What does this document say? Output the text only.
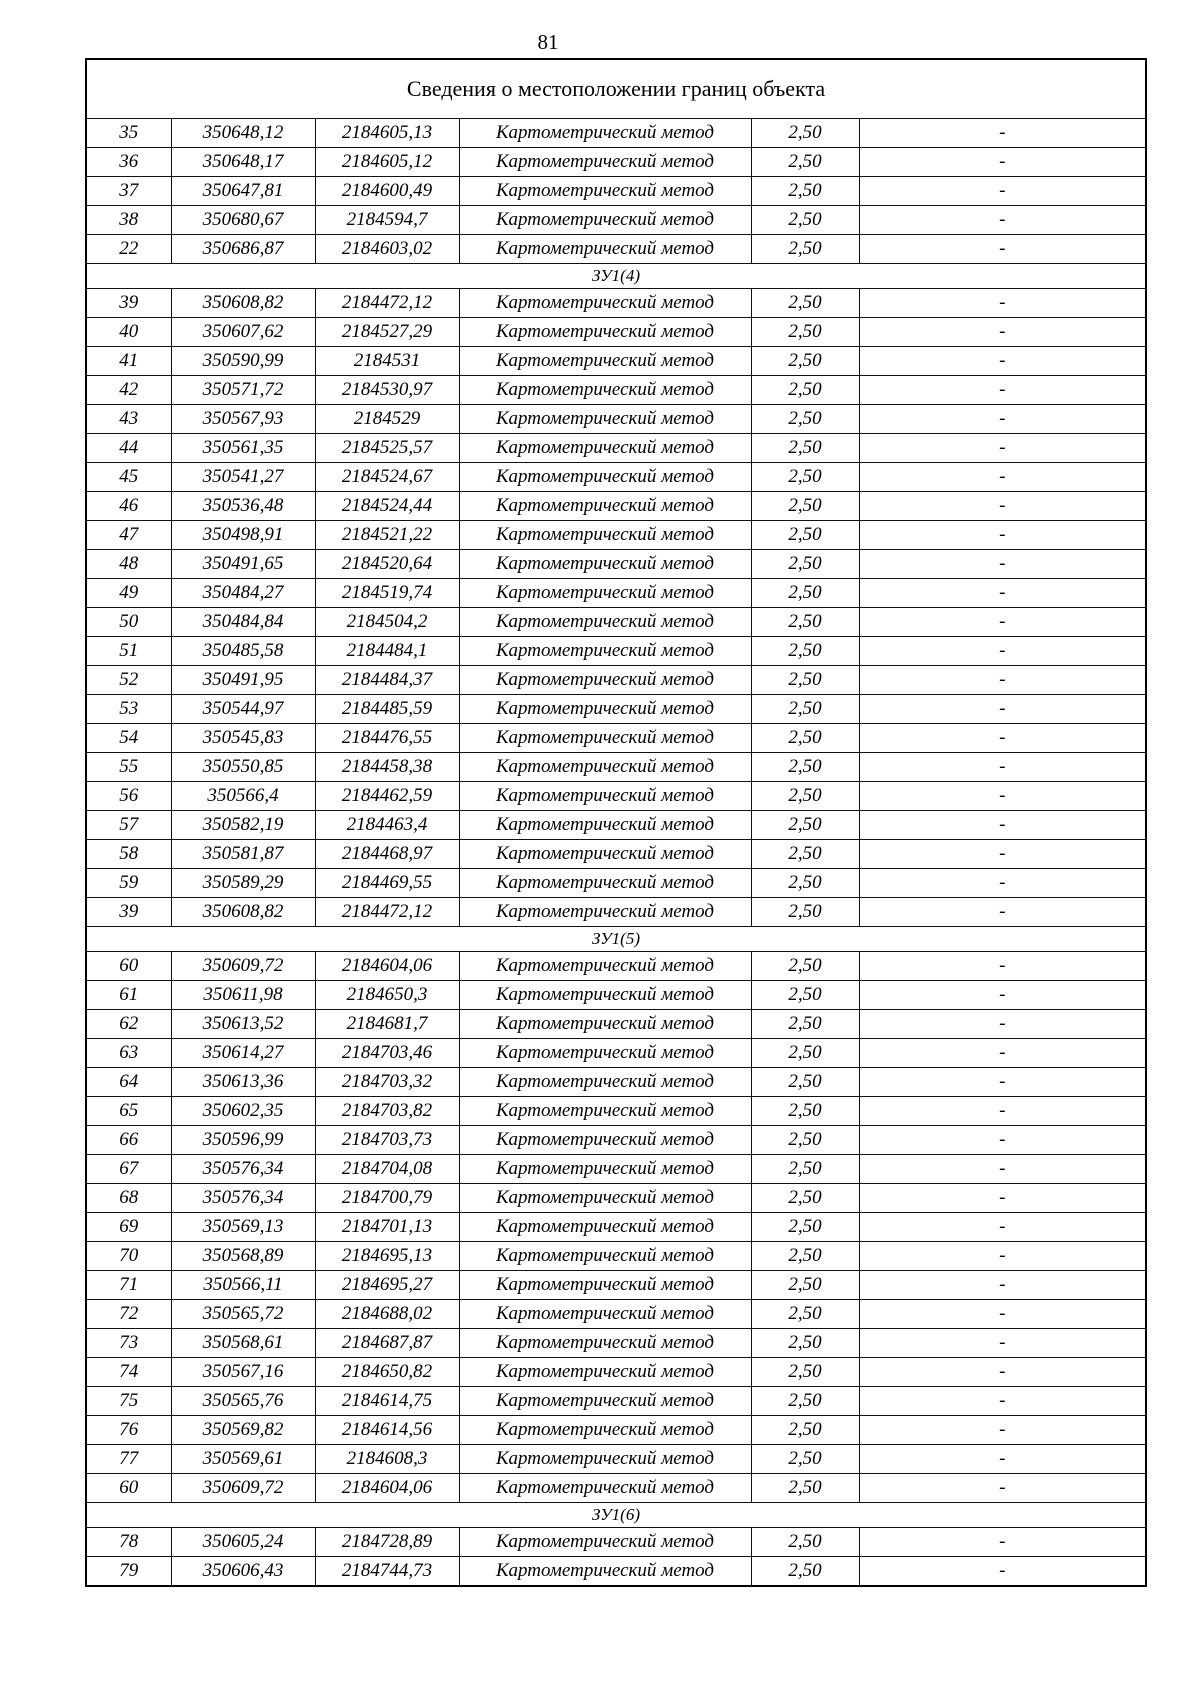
81
Сведения о местоположении границ объекта					
35	350648,12	2184605,13	Картометрический метод	2,50	-
36	350648,17	2184605,12	Картометрический метод	2,50	-
37	350647,81	2184600,49	Картометрический метод	2,50	-
38	350680,67	2184594,7	Картометрический метод	2,50	-
22	350686,87	2184603,02	Картометрический метод	2,50	-
ЗУ1(4)					
39	350608,82	2184472,12	Картометрический метод	2,50	-
40	350607,62	2184527,29	Картометрический метод	2,50	-
41	350590,99	2184531	Картометрический метод	2,50	-
42	350571,72	2184530,97	Картометрический метод	2,50	-
43	350567,93	2184529	Картометрический метод	2,50	-
44	350561,35	2184525,57	Картометрический метод	2,50	-
45	350541,27	2184524,67	Картометрический метод	2,50	-
46	350536,48	2184524,44	Картометрический метод	2,50	-
47	350498,91	2184521,22	Картометрический метод	2,50	-
48	350491,65	2184520,64	Картометрический метод	2,50	-
49	350484,27	2184519,74	Картометрический метод	2,50	-
50	350484,84	2184504,2	Картометрический метод	2,50	-
51	350485,58	2184484,1	Картометрический метод	2,50	-
52	350491,95	2184484,37	Картометрический метод	2,50	-
53	350544,97	2184485,59	Картометрический метод	2,50	-
54	350545,83	2184476,55	Картометрический метод	2,50	-
55	350550,85	2184458,38	Картометрический метод	2,50	-
56	350566,4	2184462,59	Картометрический метод	2,50	-
57	350582,19	2184463,4	Картометрический метод	2,50	-
58	350581,87	2184468,97	Картометрический метод	2,50	-
59	350589,29	2184469,55	Картометрический метод	2,50	-
39	350608,82	2184472,12	Картометрический метод	2,50	-
ЗУ1(5)					
60	350609,72	2184604,06	Картометрический метод	2,50	-
61	350611,98	2184650,3	Картометрический метод	2,50	-
62	350613,52	2184681,7	Картометрический метод	2,50	-
63	350614,27	2184703,46	Картометрический метод	2,50	-
64	350613,36	2184703,32	Картометрический метод	2,50	-
65	350602,35	2184703,82	Картометрический метод	2,50	-
66	350596,99	2184703,73	Картометрический метод	2,50	-
67	350576,34	2184704,08	Картометрический метод	2,50	-
68	350576,34	2184700,79	Картометрический метод	2,50	-
69	350569,13	2184701,13	Картометрический метод	2,50	-
70	350568,89	2184695,13	Картометрический метод	2,50	-
71	350566,11	2184695,27	Картометрический метод	2,50	-
72	350565,72	2184688,02	Картометрический метод	2,50	-
73	350568,61	2184687,87	Картометрический метод	2,50	-
74	350567,16	2184650,82	Картометрический метод	2,50	-
75	350565,76	2184614,75	Картометрический метод	2,50	-
76	350569,82	2184614,56	Картометрический метод	2,50	-
77	350569,61	2184608,3	Картометрический метод	2,50	-
60	350609,72	2184604,06	Картометрический метод	2,50	-
ЗУ1(6)					
78	350605,24	2184728,89	Картометрический метод	2,50	-
79	350606,43	2184744,73	Картометрический метод	2,50	-
